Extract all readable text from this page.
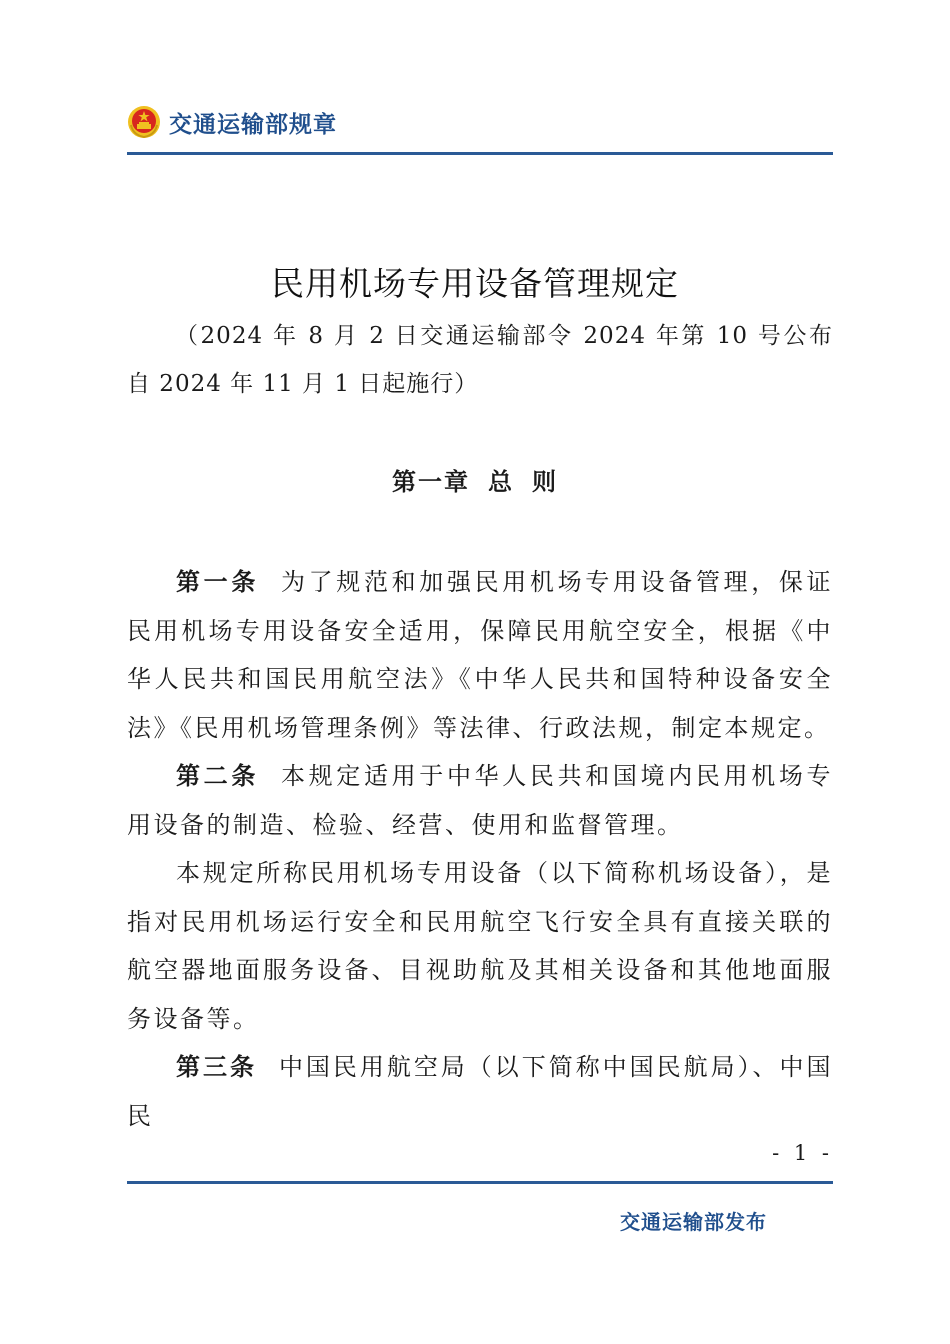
交通运输部规章
民用机场专用设备管理规定
（2024 年 8 月 2 日交通运输部令 2024 年第 10 号公布　自 2024 年 11 月 1 日起施行）
第一章 总 则

第一条 为了规范和加强民用机场专用设备管理，保证民用机场专用设备安全适用，保障民用航空安全，根据《中华人民共和国民用航空法》《中华人民共和国特种设备安全法》《民用机场管理条例》等法律、行政法规，制定本规定。

第二条 本规定适用于中华人民共和国境内民用机场专用设备的制造、检验、经营、使用和监督管理。

本规定所称民用机场专用设备（以下简称机场设备），是指对民用机场运行安全和民用航空飞行安全具有直接关联的航空器地面服务设备、目视助航及其相关设备和其他地面服务设备等。

第三条 中国民用航空局（以下简称中国民航局）、中国民

- 1 -
交通运输部发布
